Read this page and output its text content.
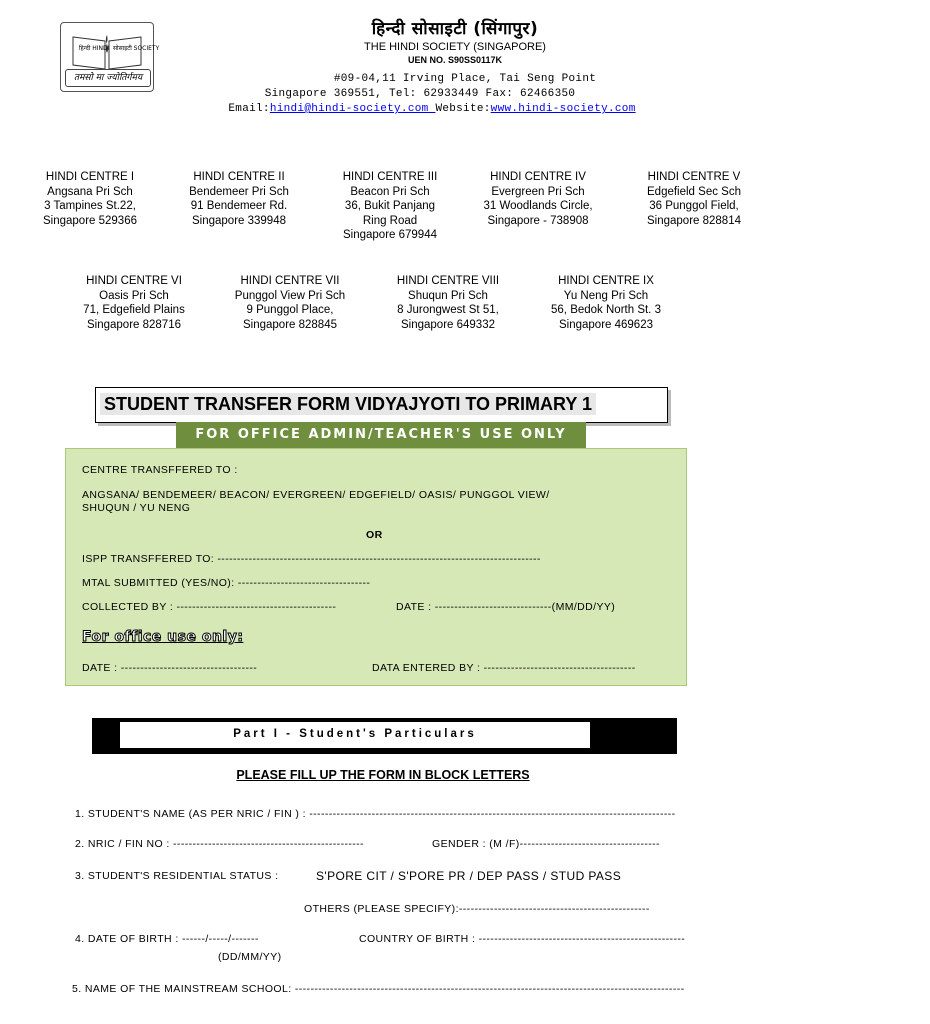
हिन्दी HINDI सोसाइटी SOCIETY
तमसो मा ज्योतिर्गमय
हिन्दी सोसाइटी (सिंगापुर)
THE HINDI SOCIETY (SINGAPORE)
UEN NO. S90SS0117K
#09-04,11 Irving Place, Tai Seng Point
Singapore 369551, Tel: 62933449 Fax: 62466350
Email:hindi@hindi-society.com Website:www.hindi-society.com
HINDI CENTRE I
Angsana Pri Sch
3 Tampines St.22,
Singapore 529366
HINDI CENTRE II
Bendemeer Pri Sch
91 Bendemeer Rd.
Singapore 339948
HINDI CENTRE III
Beacon Pri Sch
36, Bukit Panjang
Ring Road
Singapore 679944
HINDI CENTRE IV
Evergreen Pri Sch
31 Woodlands Circle,
Singapore - 738908
HINDI CENTRE V
Edgefield Sec Sch
36 Punggol Field,
Singapore 828814
HINDI CENTRE VI
Oasis Pri Sch
71, Edgefield Plains
Singapore 828716
HINDI CENTRE VII
Punggol View Pri Sch
9 Punggol Place,
Singapore 828845
HINDI CENTRE VIII
Shuqun Pri Sch
8 Jurongwest St 51,
Singapore 649332
HINDI CENTRE IX
Yu Neng Pri Sch
56, Bedok North St. 3
Singapore 469623
STUDENT TRANSFER FORM VIDYAJYOTI TO PRIMARY 1
FOR OFFICE ADMIN/TEACHER'S USE ONLY
CENTRE TRANSFFERED TO :
ANGSANA/ BENDEMEER/ BEACON/ EVERGREEN/ EDGEFIELD/ OASIS/ PUNGGOL VIEW/
SHUQUN / YU NENG
OR
ISPP TRANSFFERED TO: -----------------------------------------------------------------------------------
MTAL SUBMITTED (YES/NO): ----------------------------------
COLLECTED BY : -----------------------------------------	DATE : ------------------------------(MM/DD/YY)
For office use only:
DATE : -----------------------------------	DATA ENTERED BY : ---------------------------------------
Part I - Student's Particulars
PLEASE FILL UP THE FORM IN BLOCK LETTERS
1. STUDENT'S NAME (AS PER NRIC / FIN ) : ----------------------------------------------------------------------------------------------
2. NRIC / FIN NO : -------------------------------------------------	GENDER : (M /F)------------------------------------
3. STUDENT'S RESIDENTIAL STATUS :	S'PORE CIT / S'PORE PR / DEP PASS / STUD PASS
OTHERS (PLEASE SPECIFY):-------------------------------------------------
4. DATE OF BIRTH : ------/-----/-------	COUNTRY OF BIRTH : -----------------------------------------------------
(DD/MM/YY)
5. NAME OF THE MAINSTREAM SCHOOL: ----------------------------------------------------------------------------------------------------
